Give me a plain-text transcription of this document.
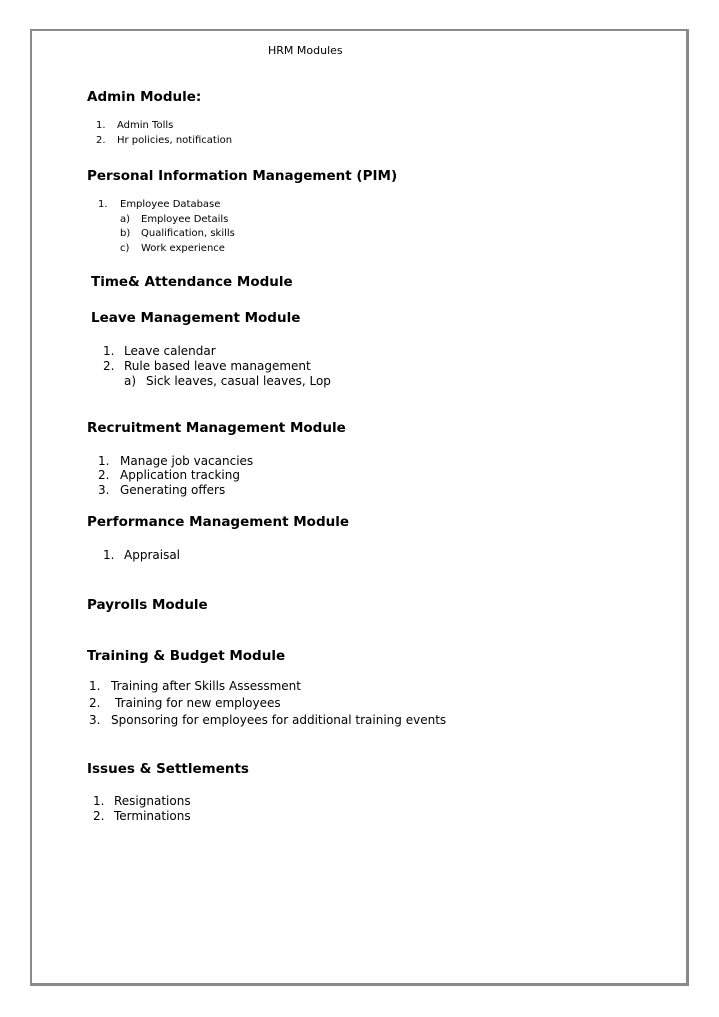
HRM Modules
Admin Module:
1. Admin Tolls
2. Hr policies, notification
Personal Information Management (PIM)
1. Employee Database
a) Employee Details
b) Qualification, skills
c) Work experience
Time& Attendance Module
Leave Management Module
1. Leave calendar
2. Rule based leave management
a) Sick leaves, casual leaves, Lop
Recruitment Management Module
1. Manage job vacancies
2. Application tracking
3. Generating offers
Performance Management Module
1. Appraisal
Payrolls Module
Training & Budget Module
1. Training after Skills Assessment
2. Training for new employees
3. Sponsoring for employees for additional training events
Issues & Settlements
1. Resignations
2. Terminations
